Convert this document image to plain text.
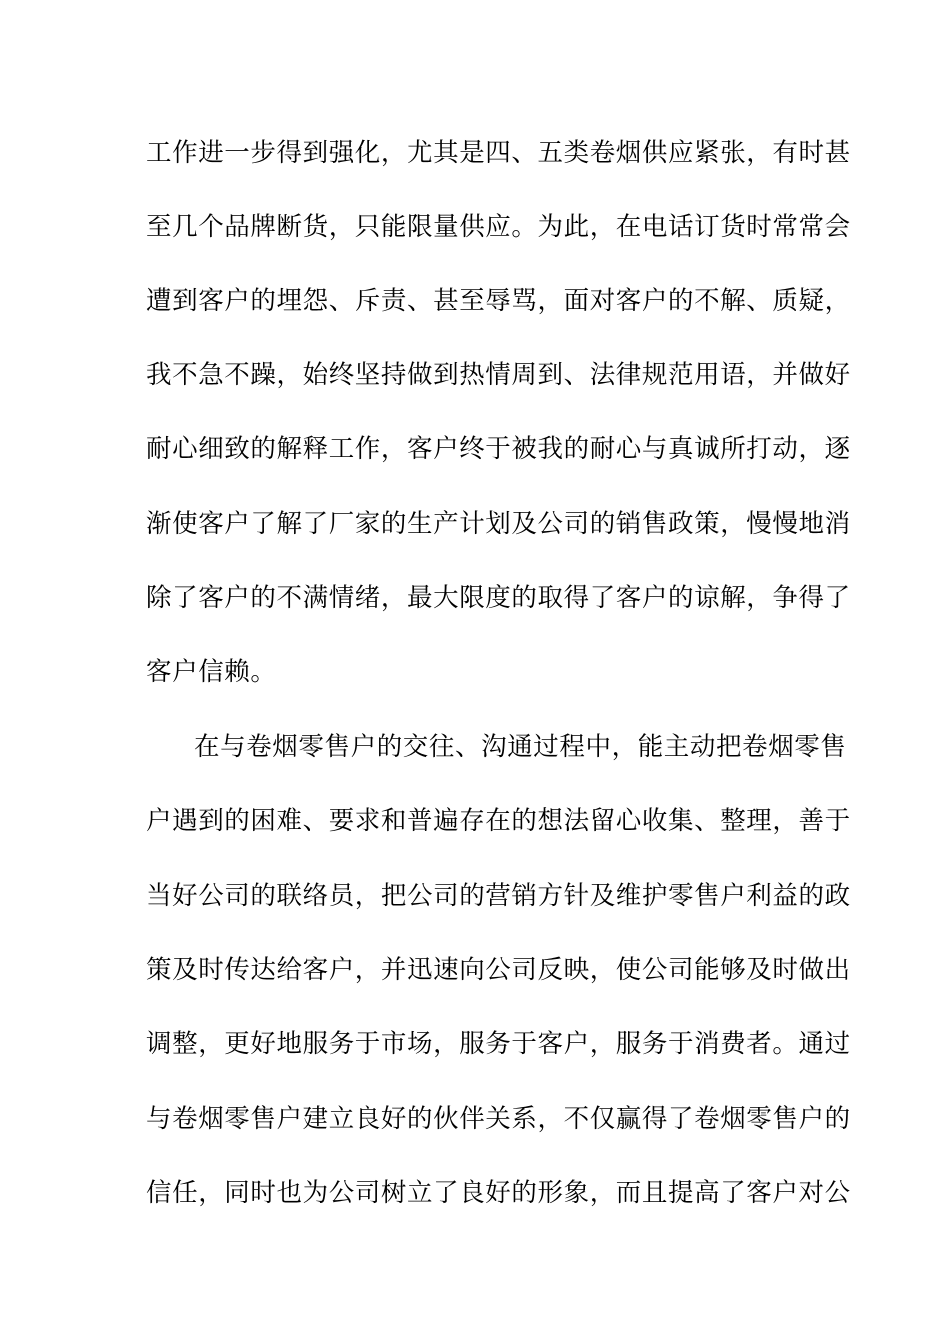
工作进一步得到强化，尤其是四、五类卷烟供应紧张，有时甚
至几个品牌断货，只能限量供应。为此，在电话订货时常常会
遭到客户的埋怨、斥责、甚至辱骂，面对客户的不解、质疑，
我不急不躁，始终坚持做到热情周到、法律规范用语，并做好
耐心细致的解释工作，客户终于被我的耐心与真诚所打动，逐
渐使客户了解了厂家的生产计划及公司的销售政策，慢慢地消
除了客户的不满情绪，最大限度的取得了客户的谅解，争得了
客户信赖。
在与卷烟零售户的交往、沟通过程中，能主动把卷烟零售
户遇到的困难、要求和普遍存在的想法留心收集、整理，善于
当好公司的联络员，把公司的营销方针及维护零售户利益的政
策及时传达给客户，并迅速向公司反映，使公司能够及时做出
调整，更好地服务于市场，服务于客户，服务于消费者。通过
与卷烟零售户建立良好的伙伴关系，不仅赢得了卷烟零售户的
信任，同时也为公司树立了良好的形象，而且提高了客户对公
